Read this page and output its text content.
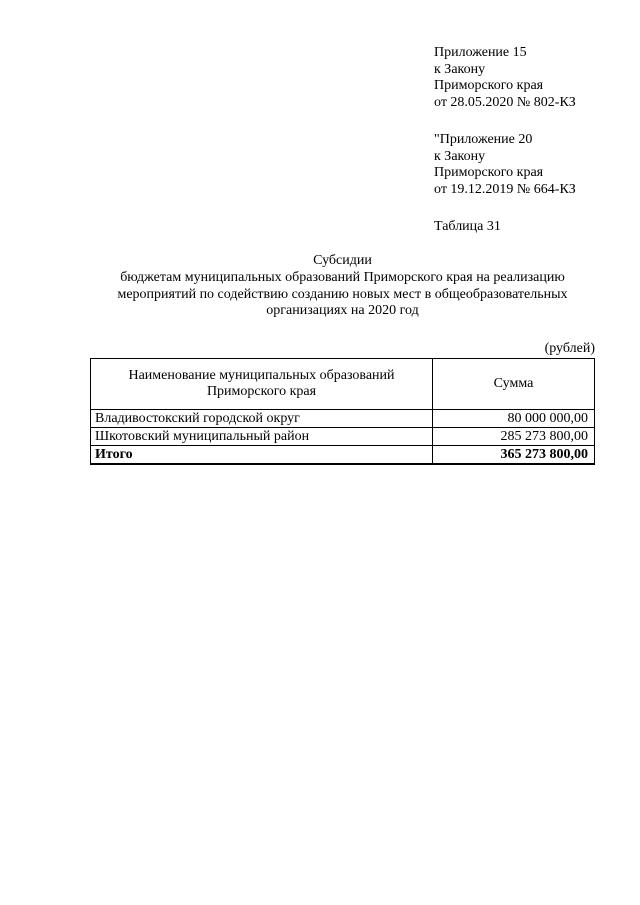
Приложение 15
к Закону
Приморского края
от 28.05.2020 № 802-КЗ
"Приложение 20
к Закону
Приморского края
от 19.12.2019 № 664-КЗ
Таблица 31
Субсидии
бюджетам муниципальных образований Приморского края на реализацию
мероприятий по содействию созданию новых мест в общеобразовательных
организациях на 2020 год
(рублей)
Наименование муниципальных образований Приморского края	Сумма
Владивостокский городской округ	80 000 000,00
Шкотовский муниципальный район	285 273 800,00
Итого	365 273 800,00
